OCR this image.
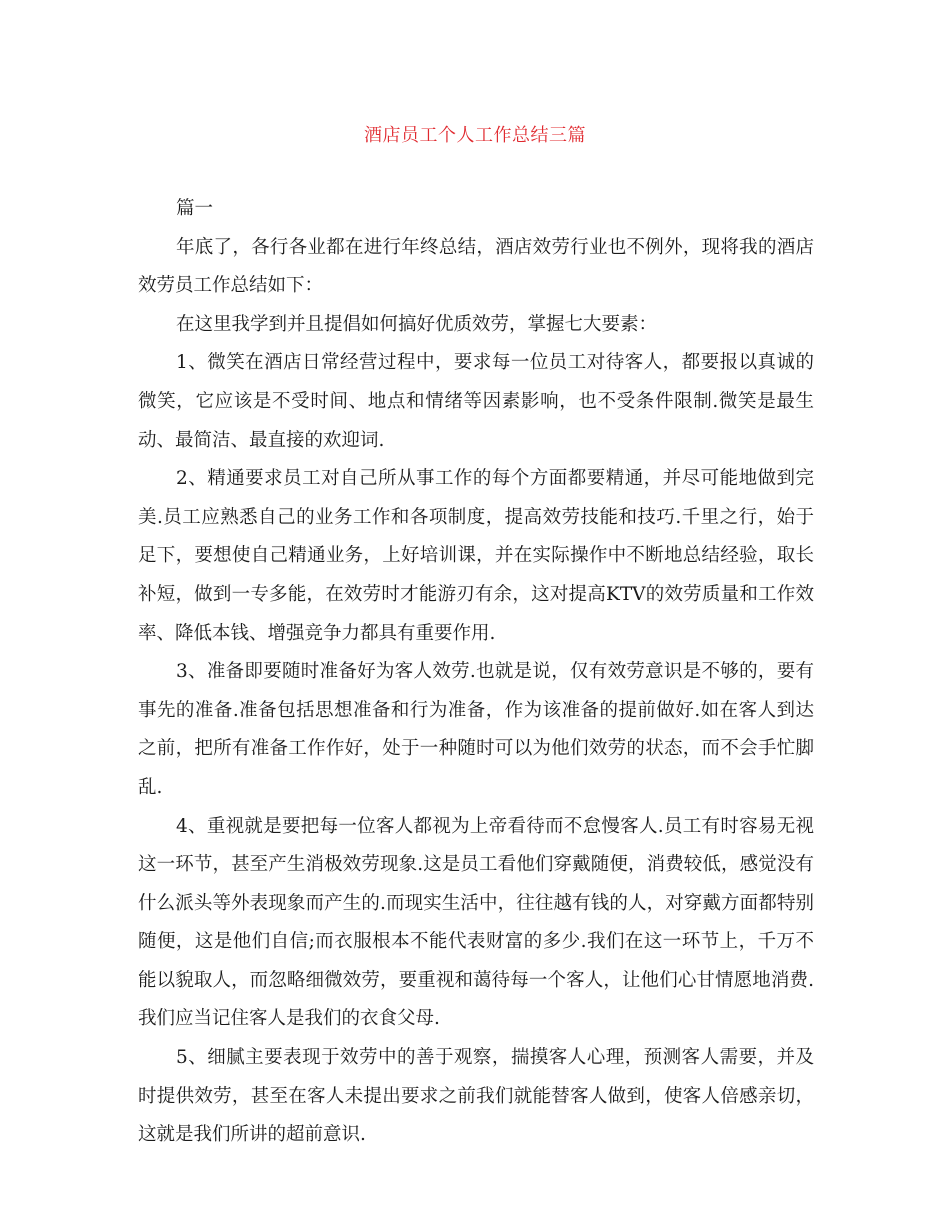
酒店员工个人工作总结三篇

篇一

年底了，各行各业都在进行年终总结，酒店效劳行业也不例外，现将我的酒店效劳员工作总结如下：

在这里我学到并且提倡如何搞好优质效劳，掌握七大要素：

1、微笑在酒店日常经营过程中，要求每一位员工对待客人，都要报以真诚的微笑，它应该是不受时间、地点和情绪等因素影响，也不受条件限制.微笑是最生动、最简洁、最直接的欢迎词.

2、精通要求员工对自己所从事工作的每个方面都要精通，并尽可能地做到完美.员工应熟悉自己的业务工作和各项制度，提高效劳技能和技巧.千里之行，始于足下，要想使自己精通业务，上好培训课，并在实际操作中不断地总结经验，取长补短，做到一专多能，在效劳时才能游刃有余，这对提高KTV的效劳质量和工作效率、降低本钱、增强竞争力都具有重要作用.

3、准备即要随时准备好为客人效劳.也就是说，仅有效劳意识是不够的，要有事先的准备.准备包括思想准备和行为准备，作为该准备的提前做好.如在客人到达之前，把所有准备工作作好，处于一种随时可以为他们效劳的状态，而不会手忙脚乱.

4、重视就是要把每一位客人都视为上帝看待而不怠慢客人.员工有时容易无视这一环节，甚至产生消极效劳现象.这是员工看他们穿戴随便，消费较低，感觉没有什么派头等外表现象而产生的.而现实生活中，往往越有钱的人，对穿戴方面都特别随便，这是他们自信;而衣服根本不能代表财富的多少.我们在这一环节上，千万不能以貌取人，而忽略细微效劳，要重视和蔼待每一个客人，让他们心甘情愿地消费.我们应当记住客人是我们的衣食父母.

5、细腻主要表现于效劳中的善于观察，揣摸客人心理，预测客人需要，并及时提供效劳，甚至在客人未提出要求之前我们就能替客人做到，使客人倍感亲切，这就是我们所讲的超前意识.
